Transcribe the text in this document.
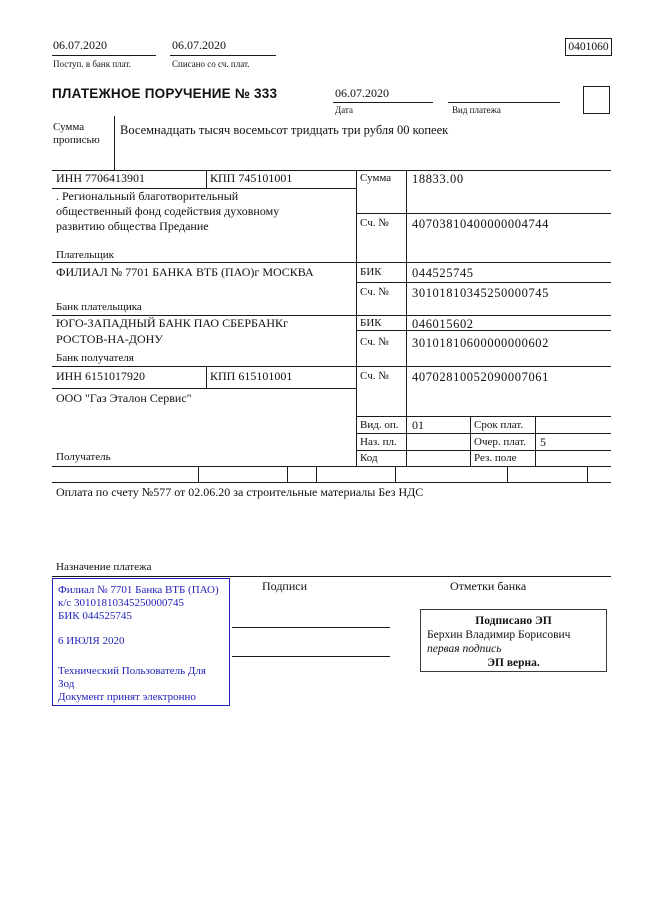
06.07.2020
Поступ. в банк плат.
06.07.2020
Списано со сч. плат.
0401060
ПЛАТЕЖНОЕ ПОРУЧЕНИЕ № 333	06.07.2020
Дата	Вид платежа
Сумма
прописью
Восемнадцать тысяч восемьсот тридцать три рубля 00 копеек
ИНН 7706413901	КПП 745101001	Сумма 18833.00
. Региональный благотворительный
общественный фонд содействия духовному
развитию общества Предание	Сч. № 40703810400000004744
Плательщик
ФИЛИАЛ № 7701 БАНКА ВТБ (ПАО)г МОСКВА	БИК 044525745
Сч. № 30101810345250000745
Банк плательщика
ЮГО-ЗАПАДНЫЙ БАНК ПАО СБЕРБАНКг
РОСТОВ-НА-ДОНУ
БИК 046015602
Сч. № 30101810600000000602
Банк получателя
ИНН 6151017920	КПП 615101001	Сч. № 40702810052090007061
ООО "Газ Эталон Сервис"
Получатель
Вид. оп. 01	Срок плат.
Наз. пл.	Очер. плат. 5
Код	Рез. поле
Оплата по счету №577 от 02.06.20 за строительные материалы Без НДС
Назначение платежа
Филиал № 7701 Банка ВТБ (ПАО)
к/с 30101810345250000745
БИК 044525745
6 ИЮЛЯ 2020
Технический Пользователь Для
Зод
Документ принят электронно
Подписи	Отметки банка
Подписано ЭП
Берхин Владимир Борисович
первая подпись
ЭП верна.
